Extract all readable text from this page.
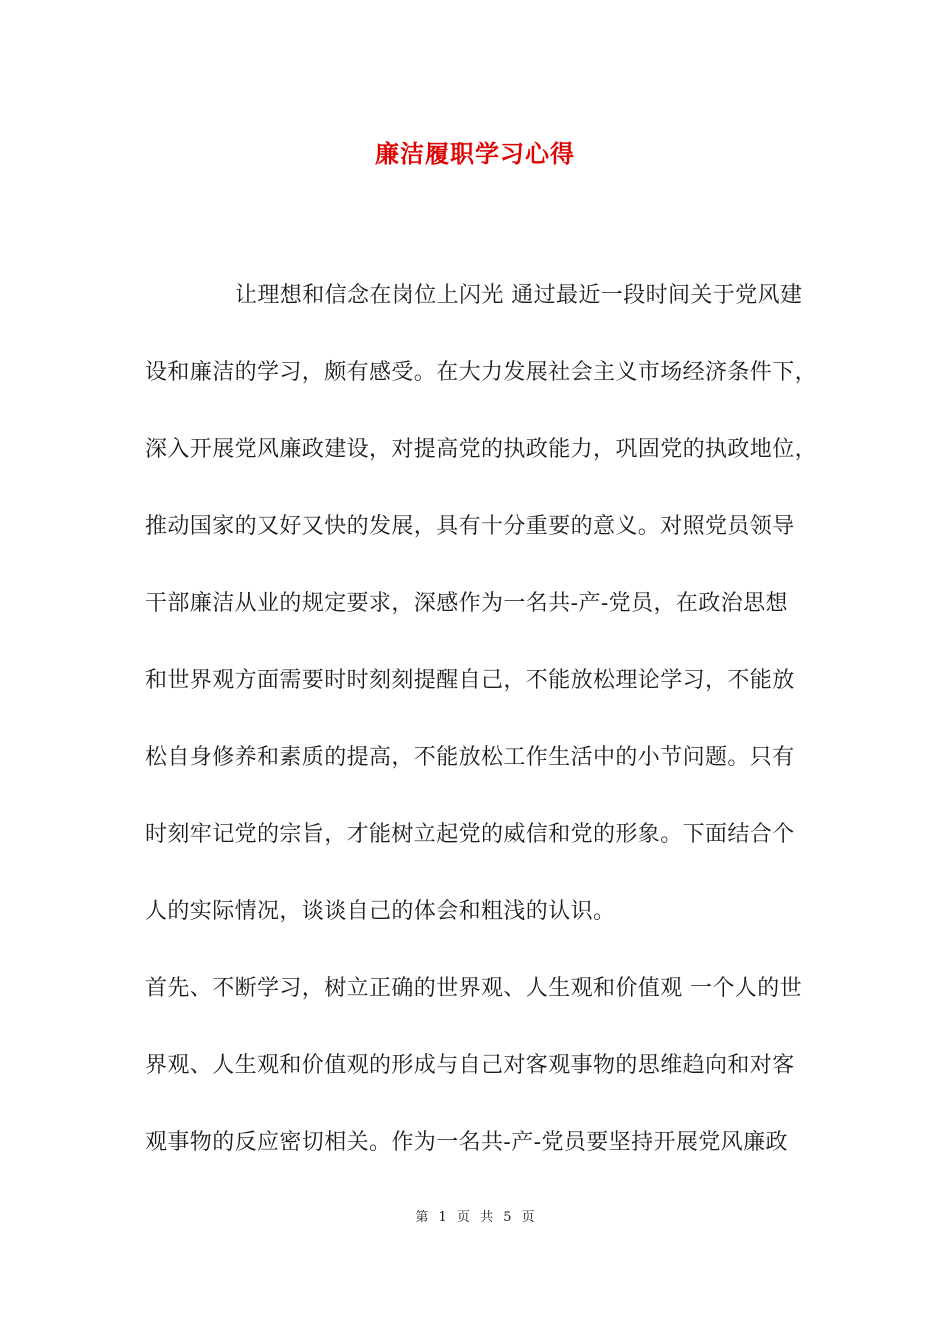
廉洁履职学习心得
让理想和信念在岗位上闪光 通过最近一段时间关于党风建
设和廉洁的学习，颇有感受。在大力发展社会主义市场经济条件下，
深入开展党风廉政建设，对提高党的执政能力，巩固党的执政地位，
推动国家的又好又快的发展，具有十分重要的意义。对照党员领导
干部廉洁从业的规定要求，深感作为一名共-产-党员，在政治思想
和世界观方面需要时时刻刻提醒自己，不能放松理论学习，不能放
松自身修养和素质的提高，不能放松工作生活中的小节问题。只有
时刻牢记党的宗旨，才能树立起党的威信和党的形象。下面结合个
人的实际情况，谈谈自己的体会和粗浅的认识。
首先、不断学习，树立正确的世界观、人生观和价值观 一个人的世
界观、人生观和价值观的形成与自己对客观事物的思维趋向和对客
观事物的反应密切相关。作为一名共-产-党员要坚持开展党风廉政
第 1 页 共 5 页
